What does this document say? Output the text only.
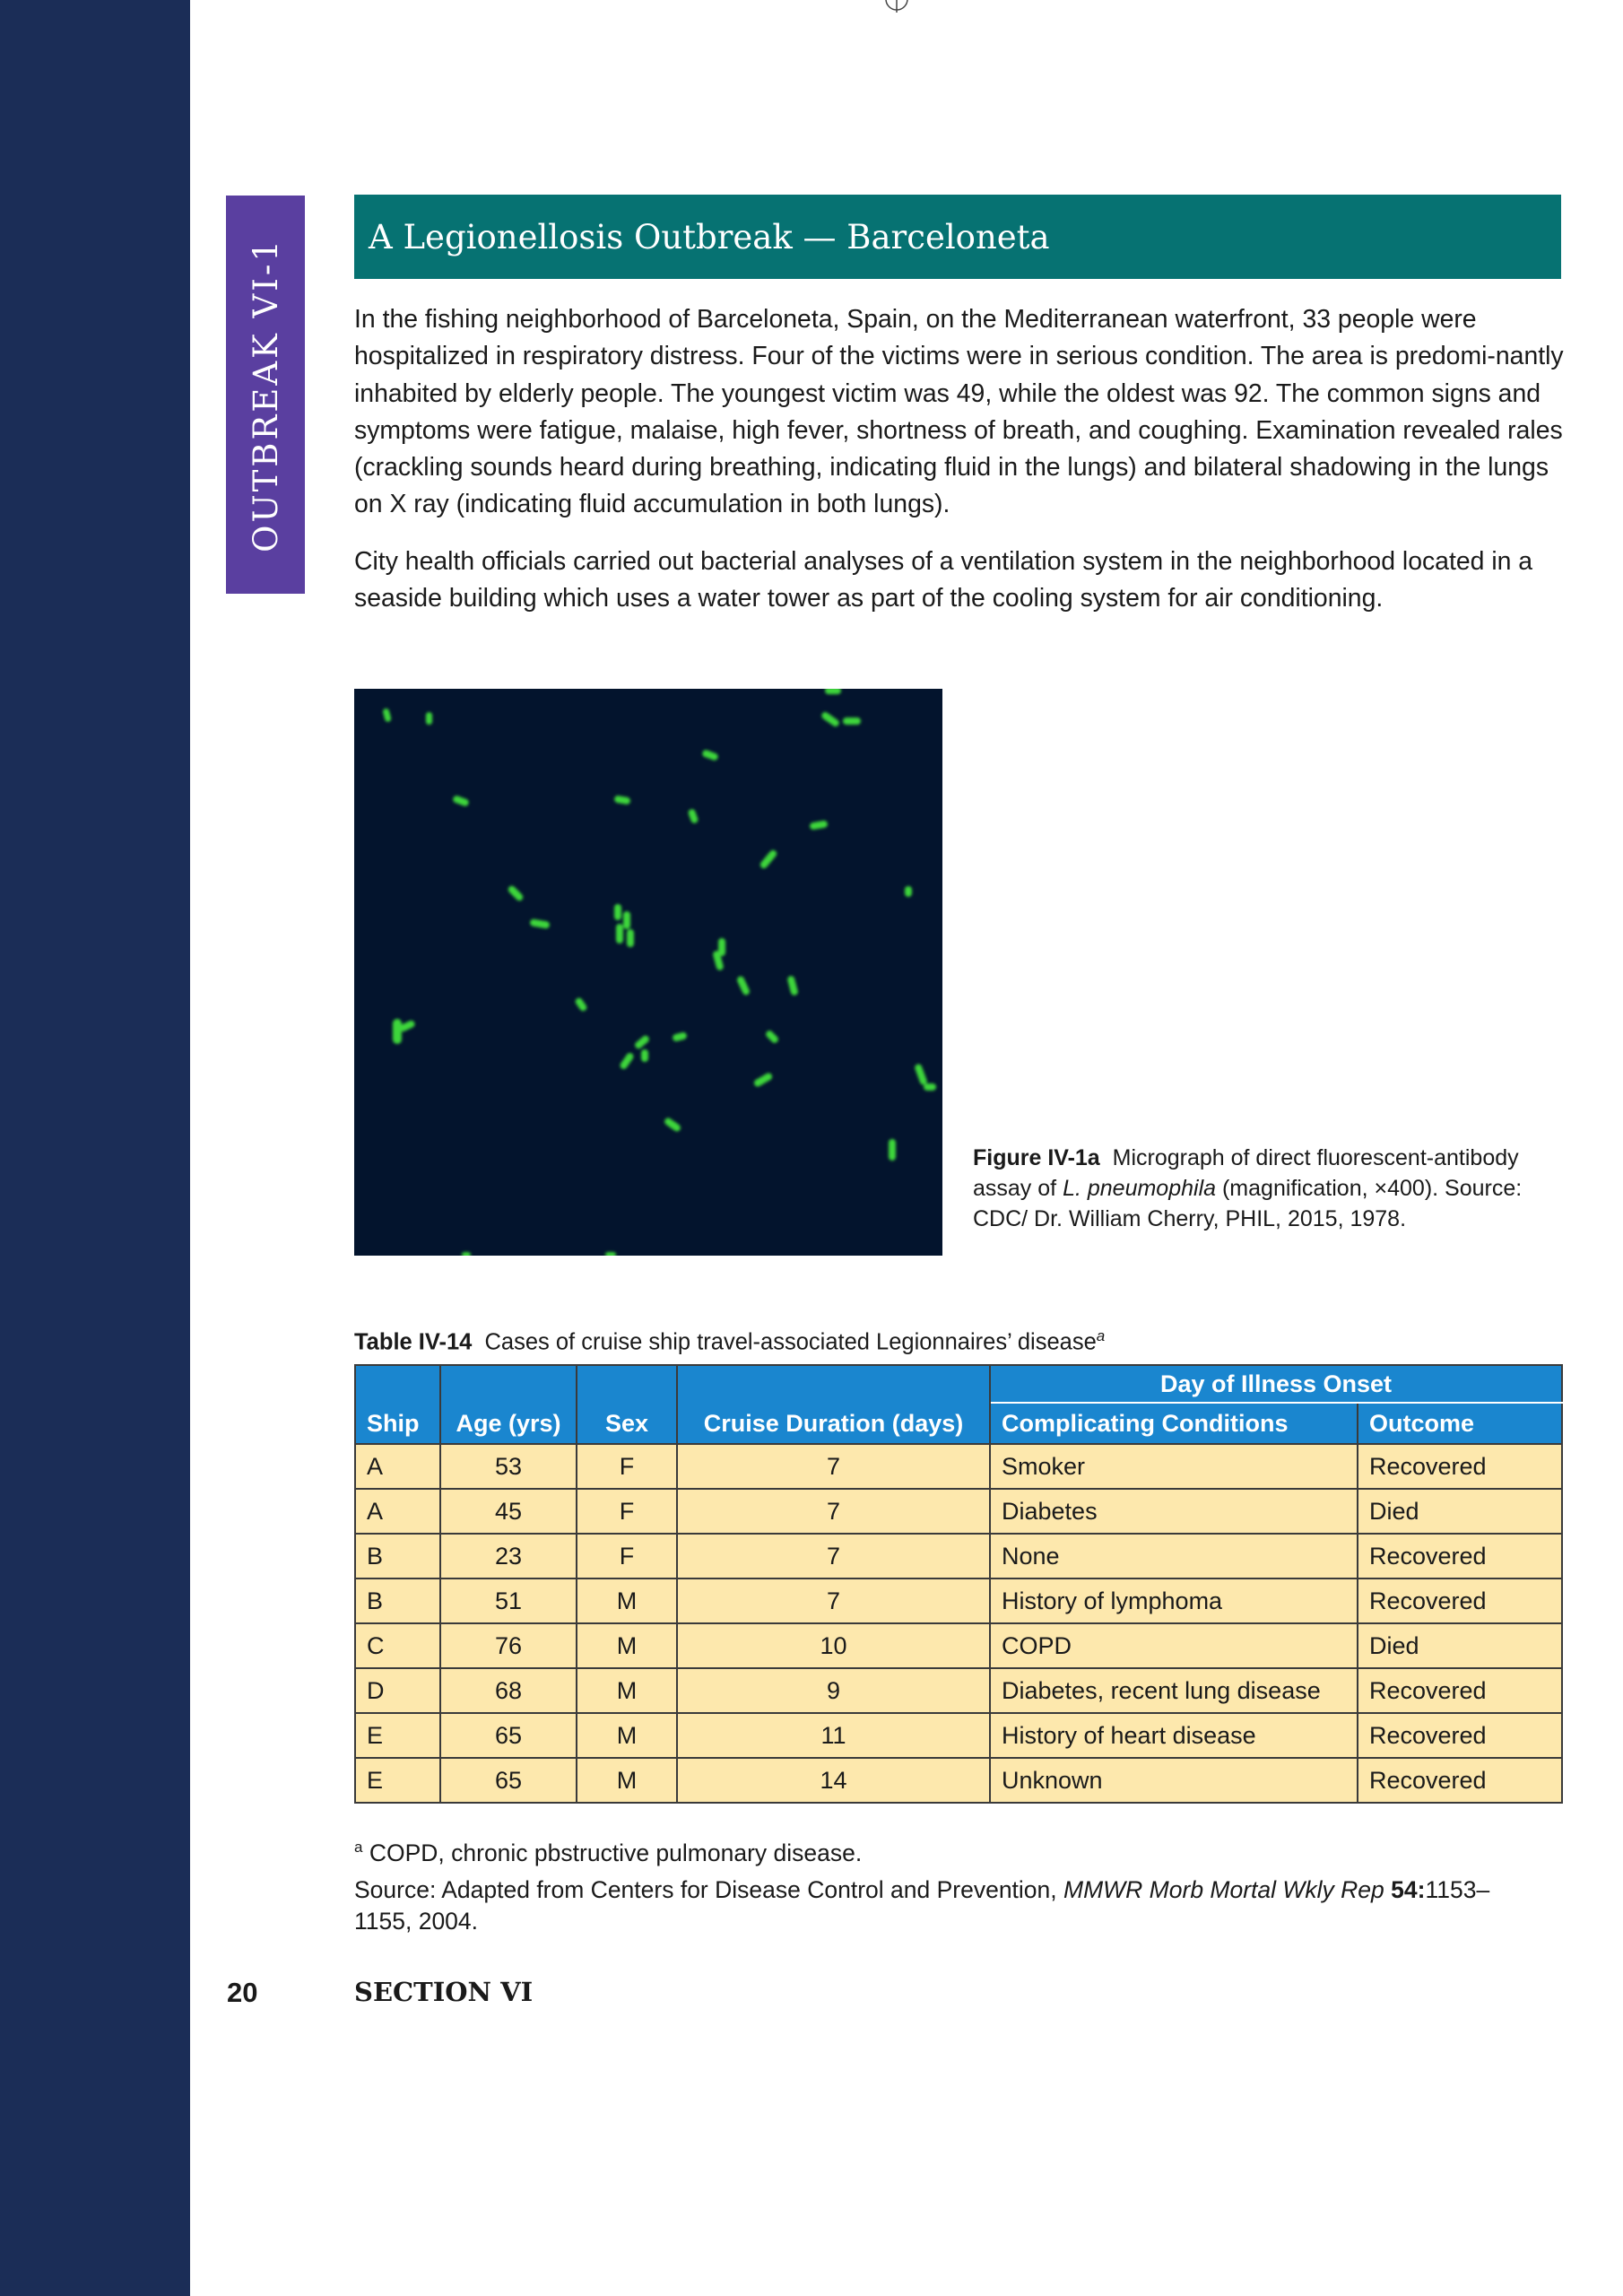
OUTBREAK VI-1
A Legionellosis Outbreak — Barceloneta

In the fishing neighborhood of Barceloneta, Spain, on the Mediterranean waterfront, 33 people were hospitalized in respiratory distress. Four of the victims were in serious condition. The area is predomi-nantly inhabited by elderly people. The youngest victim was 49, while the oldest was 92. The common signs and symptoms were fatigue, malaise, high fever, shortness of breath, and coughing. Examination revealed rales (crackling sounds heard during breathing, indicating fluid in the lungs) and bilateral shadowing in the lungs on X ray (indicating fluid accumulation in both lungs).

City health officials carried out bacterial analyses of a ventilation system in the neighborhood located in a seaside building which uses a water tower as part of the cooling system for air conditioning.

Figure IV-1a Micrograph of direct fluorescent-antibody assay of L. pneumophila (magnification, ×400). Source: CDC/ Dr. William Cherry, PHIL, 2015, 1978.
Table IV-14 Cases of cruise ship travel-associated Legionnaires’ disease$^a$
Ship	Age (yrs)	Sex	Cruise Duration (days)	Day of Illness Onset	
				Complicating Conditions	Outcome
A	53	F	7	Smoker	Recovered
A	45	F	7	Diabetes	Died
B	23	F	7	None	Recovered
B	51	M	7	History of lymphoma	Recovered
C	76	M	10	COPD	Died
D	68	M	9	Diabetes, recent lung disease	Recovered
E	65	M	11	History of heart disease	Recovered
E	65	M	14	Unknown	Recovered

$^a$ COPD, chronic pbstructive pulmonary disease.

Source: Adapted from Centers for Disease Control and Prevention, MMWR Morb Mortal Wkly Rep 54:1153–1155, 2004.

20	SECTION VI
